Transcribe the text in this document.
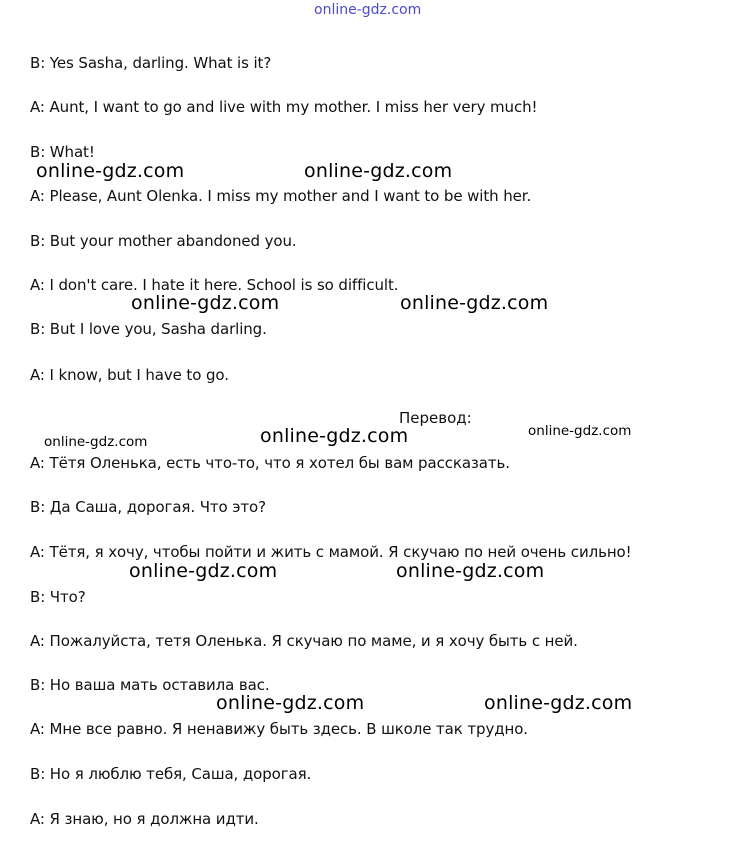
online-gdz.com
B: Yes Sasha, darling. What is it?
A: Aunt, I want to go and live with my mother. I miss her very much!
B: What!
A: Please, Aunt Olenka. I miss my mother and I want to be with her.
B: But your mother abandoned you.
A: I don't care. I hate it here. School is so difficult.
B: But I love you, Sasha darling.
A: I know, but I have to go.
Перевод:
A: Тётя Оленька, есть что-то, что я хотел бы вам рассказать.
B: Да Саша, дорогая. Что это?
A: Тётя, я хочу, чтобы пойти и жить с мамой. Я скучаю по ней очень сильно!
B: Что?
A: Пожалуйста, тетя Оленька. Я скучаю по маме, и я хочу быть с ней.
B: Но ваша мать оставила вас.
A: Мне все равно. Я ненавижу быть здесь. В школе так трудно.
B: Но я люблю тебя, Саша, дорогая.
A: Я знаю, но я должна идти.
online-gdz.com	online-gdz.com
online-gdz.com	online-gdz.com
online-gdz.com	online-gdz.com	online-gdz.com
online-gdz.com	online-gdz.com
online-gdz.com	online-gdz.com
